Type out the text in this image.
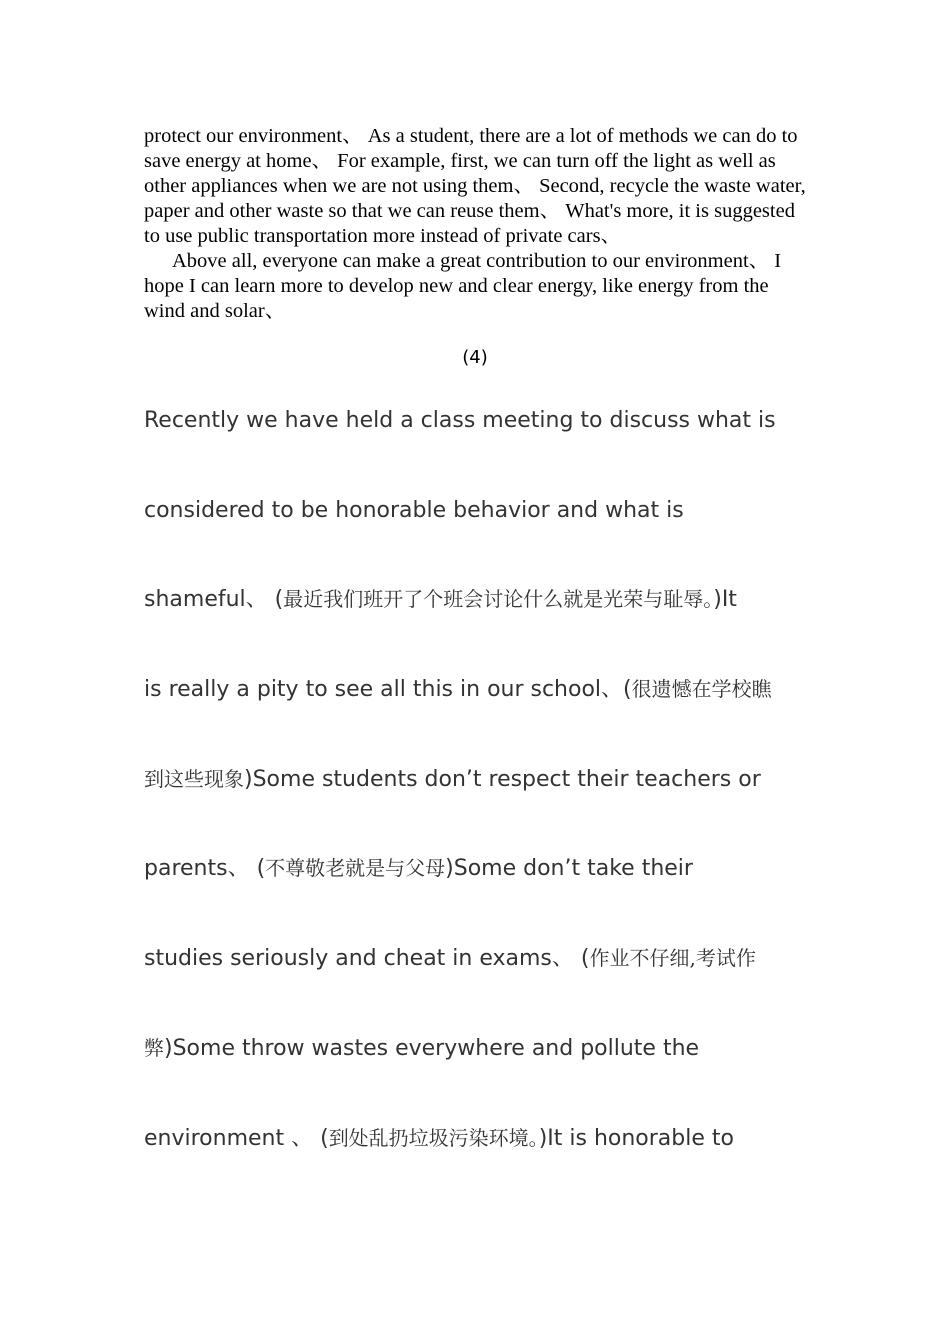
protect our environment、 As a student, there are a lot of methods we can do to save energy at home、 For example, first, we can turn off the light as well as other appliances when we are not using them、 Second, recycle the waste water, paper and other waste so that we can reuse them、 What's more, it is suggested to use public transportation more instead of private cars、

Above all, everyone can make a great contribution to our environment、 I hope I can learn more to develop new and clear energy, like energy from the wind and solar、

(4)
Recently we have held a class meeting to discuss what is
considered to be honorable behavior and what is
shameful、 (最近我们班开了个班会讨论什么就是光荣与耻辱。)It
is really a pity to see all this in our school、(很遗憾在学校瞧
到这些现象)Some students don’t respect their teachers or
parents、 (不尊敬老就是与父母)Some don’t take their
studies seriously and cheat in exams、 (作业不仔细,考试作
弊)Some throw wastes everywhere and pollute the
environment 、 (到处乱扔垃圾污染环境。)It is honorable to
